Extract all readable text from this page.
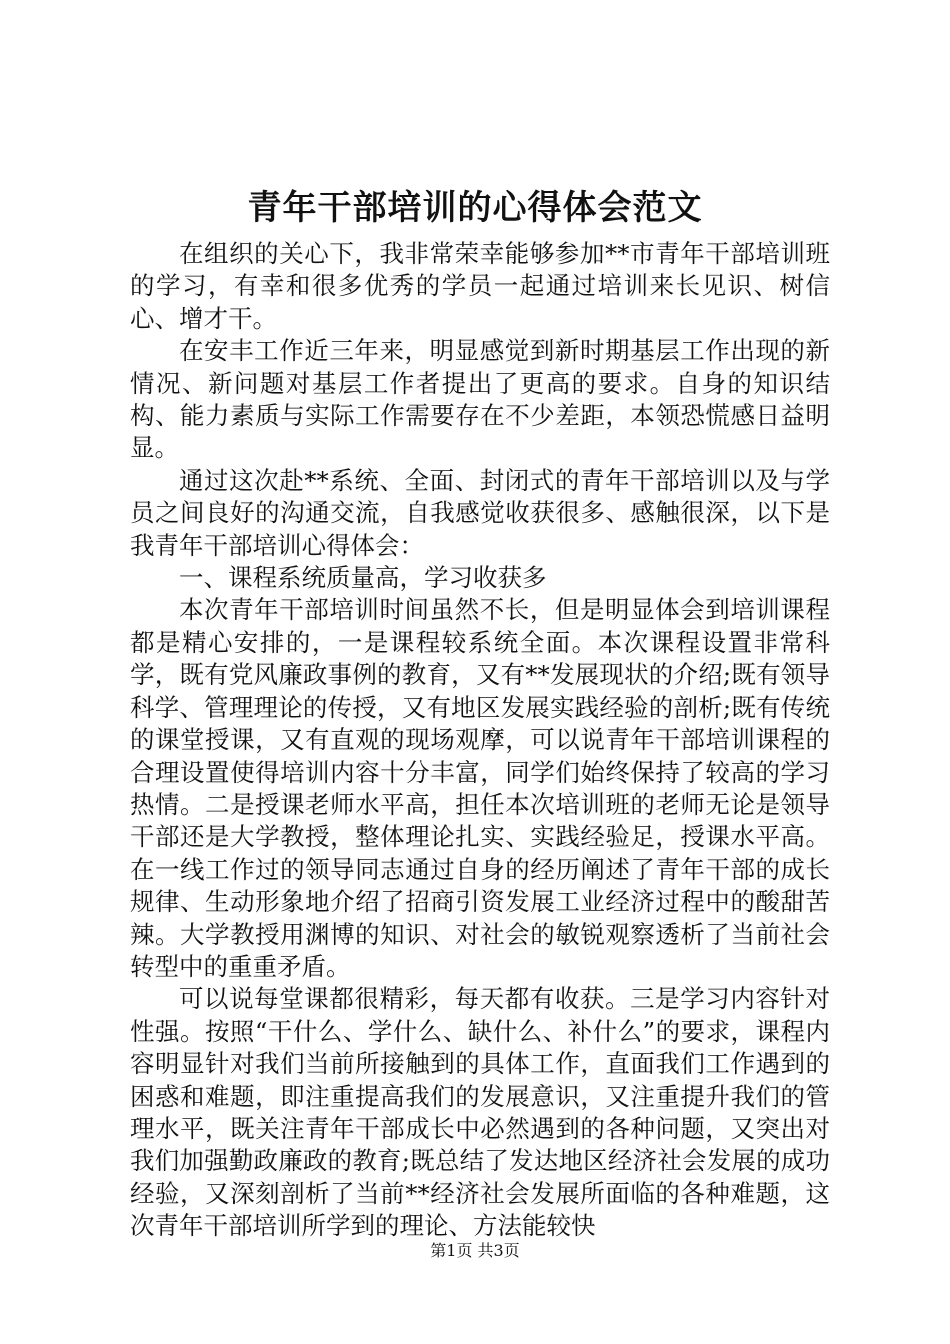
青年干部培训的心得体会范文

在组织的关心下，我非常荣幸能够参加**市青年干部培训班的学习，有幸和很多优秀的学员一起通过培训来长见识、树信心、增才干。

在安丰工作近三年来，明显感觉到新时期基层工作出现的新情况、新问题对基层工作者提出了更高的要求。自身的知识结构、能力素质与实际工作需要存在不少差距，本领恐慌感日益明显。

通过这次赴**系统、全面、封闭式的青年干部培训以及与学员之间良好的沟通交流，自我感觉收获很多、感触很深，以下是我青年干部培训心得体会：

一、课程系统质量高，学习收获多

本次青年干部培训时间虽然不长，但是明显体会到培训课程都是精心安排的，一是课程较系统全面。本次课程设置非常科学，既有党风廉政事例的教育，又有**发展现状的介绍;既有领导科学、管理理论的传授，又有地区发展实践经验的剖析;既有传统的课堂授课，又有直观的现场观摩，可以说青年干部培训课程的合理设置使得培训内容十分丰富，同学们始终保持了较高的学习热情。二是授课老师水平高，担任本次培训班的老师无论是领导干部还是大学教授，整体理论扎实、实践经验足，授课水平高。在一线工作过的领导同志通过自身的经历阐述了青年干部的成长规律、生动形象地介绍了招商引资发展工业经济过程中的酸甜苦辣。大学教授用渊博的知识、对社会的敏锐观察透析了当前社会转型中的重重矛盾。

可以说每堂课都很精彩，每天都有收获。三是学习内容针对性强。按照“干什么、学什么、缺什么、补什么”的要求，课程内容明显针对我们当前所接触到的具体工作，直面我们工作遇到的困惑和难题，即注重提高我们的发展意识，又注重提升我们的管理水平，既关注青年干部成长中必然遇到的各种问题，又突出对我们加强勤政廉政的教育;既总结了发达地区经济社会发展的成功经验，又深刻剖析了当前**经济社会发展所面临的各种难题，这次青年干部培训所学到的理论、方法能较快

第1页 共3页
